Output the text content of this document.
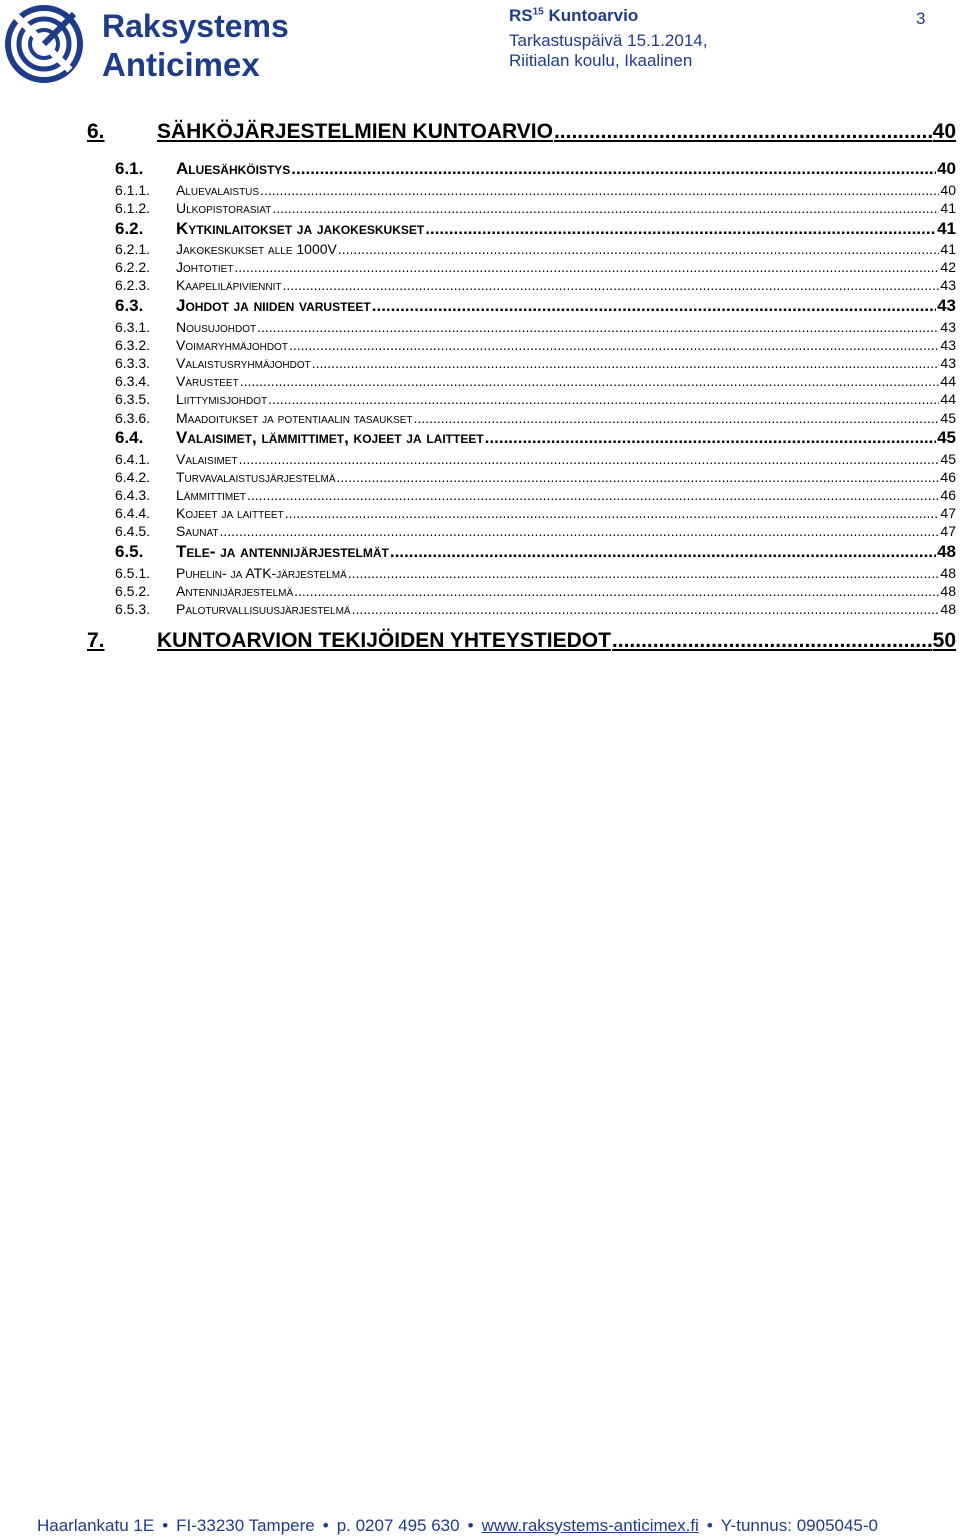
Raksystems
Anticimex
RS$^{15}$ Kuntoarvio
Tarkastuspäivä 15.1.2014,
Riitialan koulu, Ikaalinen
3
6.	SÄHKÖJÄRJESTELMIEN KUNTOARVIO .....	40
6.1.	Aluesähköistys .....	40
6.1.1.	Aluevalaistus .....	40
6.1.2.	Ulkopistorasiat .....	41
6.2.	Kytkinlaitokset ja jakokeskukset .....	41
6.2.1.	Jakokeskukset alle 1000V .....	41
6.2.2.	Johtotiet .....	42
6.2.3.	Kaapeliläpiviennit .....	43
6.3.	Johdot ja niiden varusteet .....	43
6.3.1.	Nousujohdot .....	43
6.3.2.	Voimaryhmäjohdot .....	43
6.3.3.	Valaistusryhmäjohdot .....	43
6.3.4.	Varusteet .....	44
6.3.5.	Liittymisjohdot .....	44
6.3.6.	Maadoitukset ja potentiaalin tasaukset .....	45
6.4.	Valaisimet, lämmittimet, kojeet ja laitteet .....	45
6.4.1.	Valaisimet .....	45
6.4.2.	Turvavalaistusjärjestelmä .....	46
6.4.3.	Lämmittimet .....	46
6.4.4.	Kojeet ja laitteet .....	47
6.4.5.	Saunat .....	47
6.5.	Tele- ja antennijärjestelmät .....	48
6.5.1.	Puhelin- ja ATK-järjestelmä .....	48
6.5.2.	Antennijärjestelmä .....	48
6.5.3.	Paloturvallisuusjärjestelmä .....	48
7.	KUNTOARVION TEKIJÖIDEN YHTEYSTIEDOT .....	50
Haarlankatu 1E • FI-33230 Tampere • p. 0207 495 630 • www.raksystems-anticimex.fi • Y-tunnus: 0905045-0
